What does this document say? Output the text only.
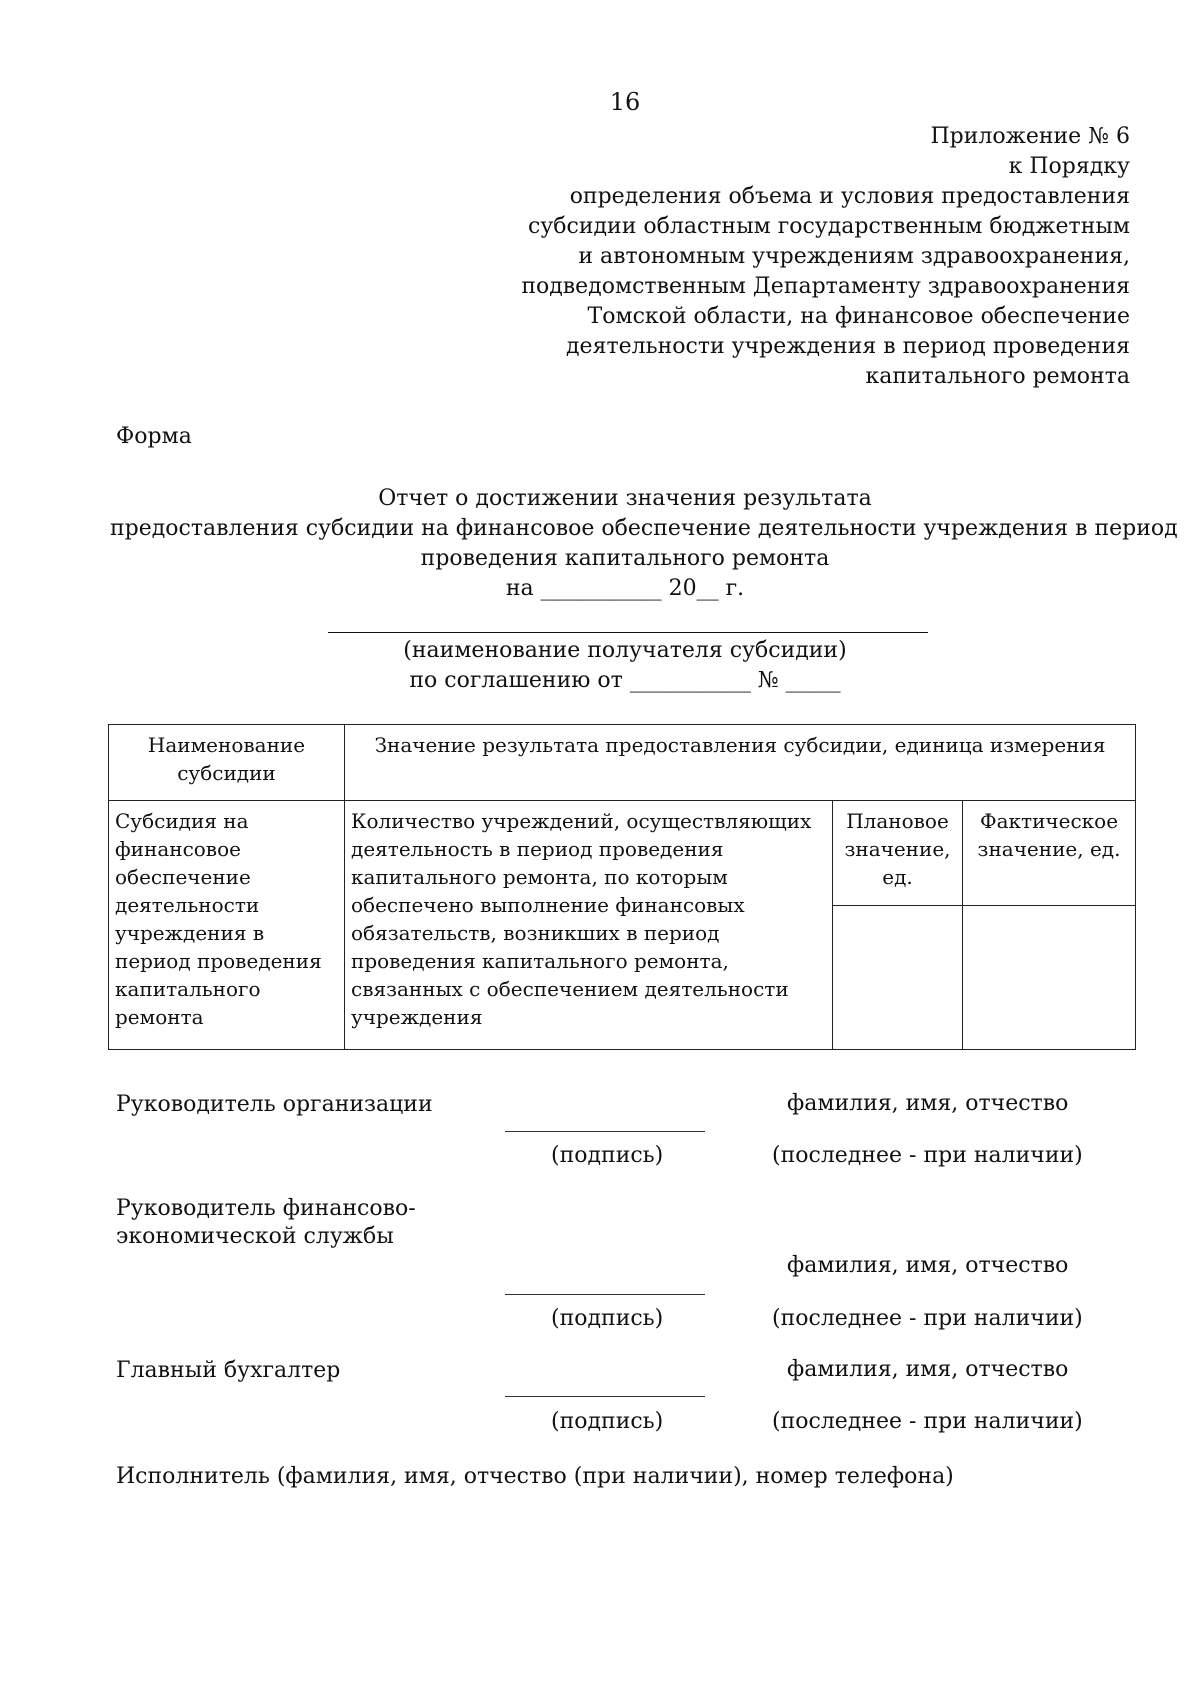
16
Приложение № 6
к Порядку
определения объема и условия предоставления
субсидии областным государственным бюджетным
и автономным учреждениям здравоохранения,
подведомственным Департаменту здравоохранения
Томской области, на финансовое обеспечение
деятельности учреждения в период проведения
капитального ремонта
Форма
Отчет о достижении значения результата
предоставления субсидии на финансовое обеспечение деятельности учреждения в период
проведения капитального ремонта
на ___________ 20__ г.
(наименование получателя субсидии)
по соглашению от ___________ № _____
Наименование субсидии	Значение результата предоставления субсидии, единица измерения		
Субсидия на финансовое обеспечение деятельности учреждения в период проведения капитального ремонта	Количество учреждений, осуществляющих деятельность в период проведения капитального ремонта, по которым обеспечено выполнение финансовых обязательств, возникших в период проведения капитального ремонта, связанных с обеспечением деятельности учреждения	Плановое значение, ед.	Фактическое значение, ед.

Руководитель организации
(подпись)
фамилия, имя, отчество
(последнее - при наличии)
Руководитель финансово-экономической службы
(подпись)
фамилия, имя, отчество
(последнее - при наличии)
Главный бухгалтер
(подпись)
фамилия, имя, отчество
(последнее - при наличии)
Исполнитель (фамилия, имя, отчество (при наличии), номер телефона)
